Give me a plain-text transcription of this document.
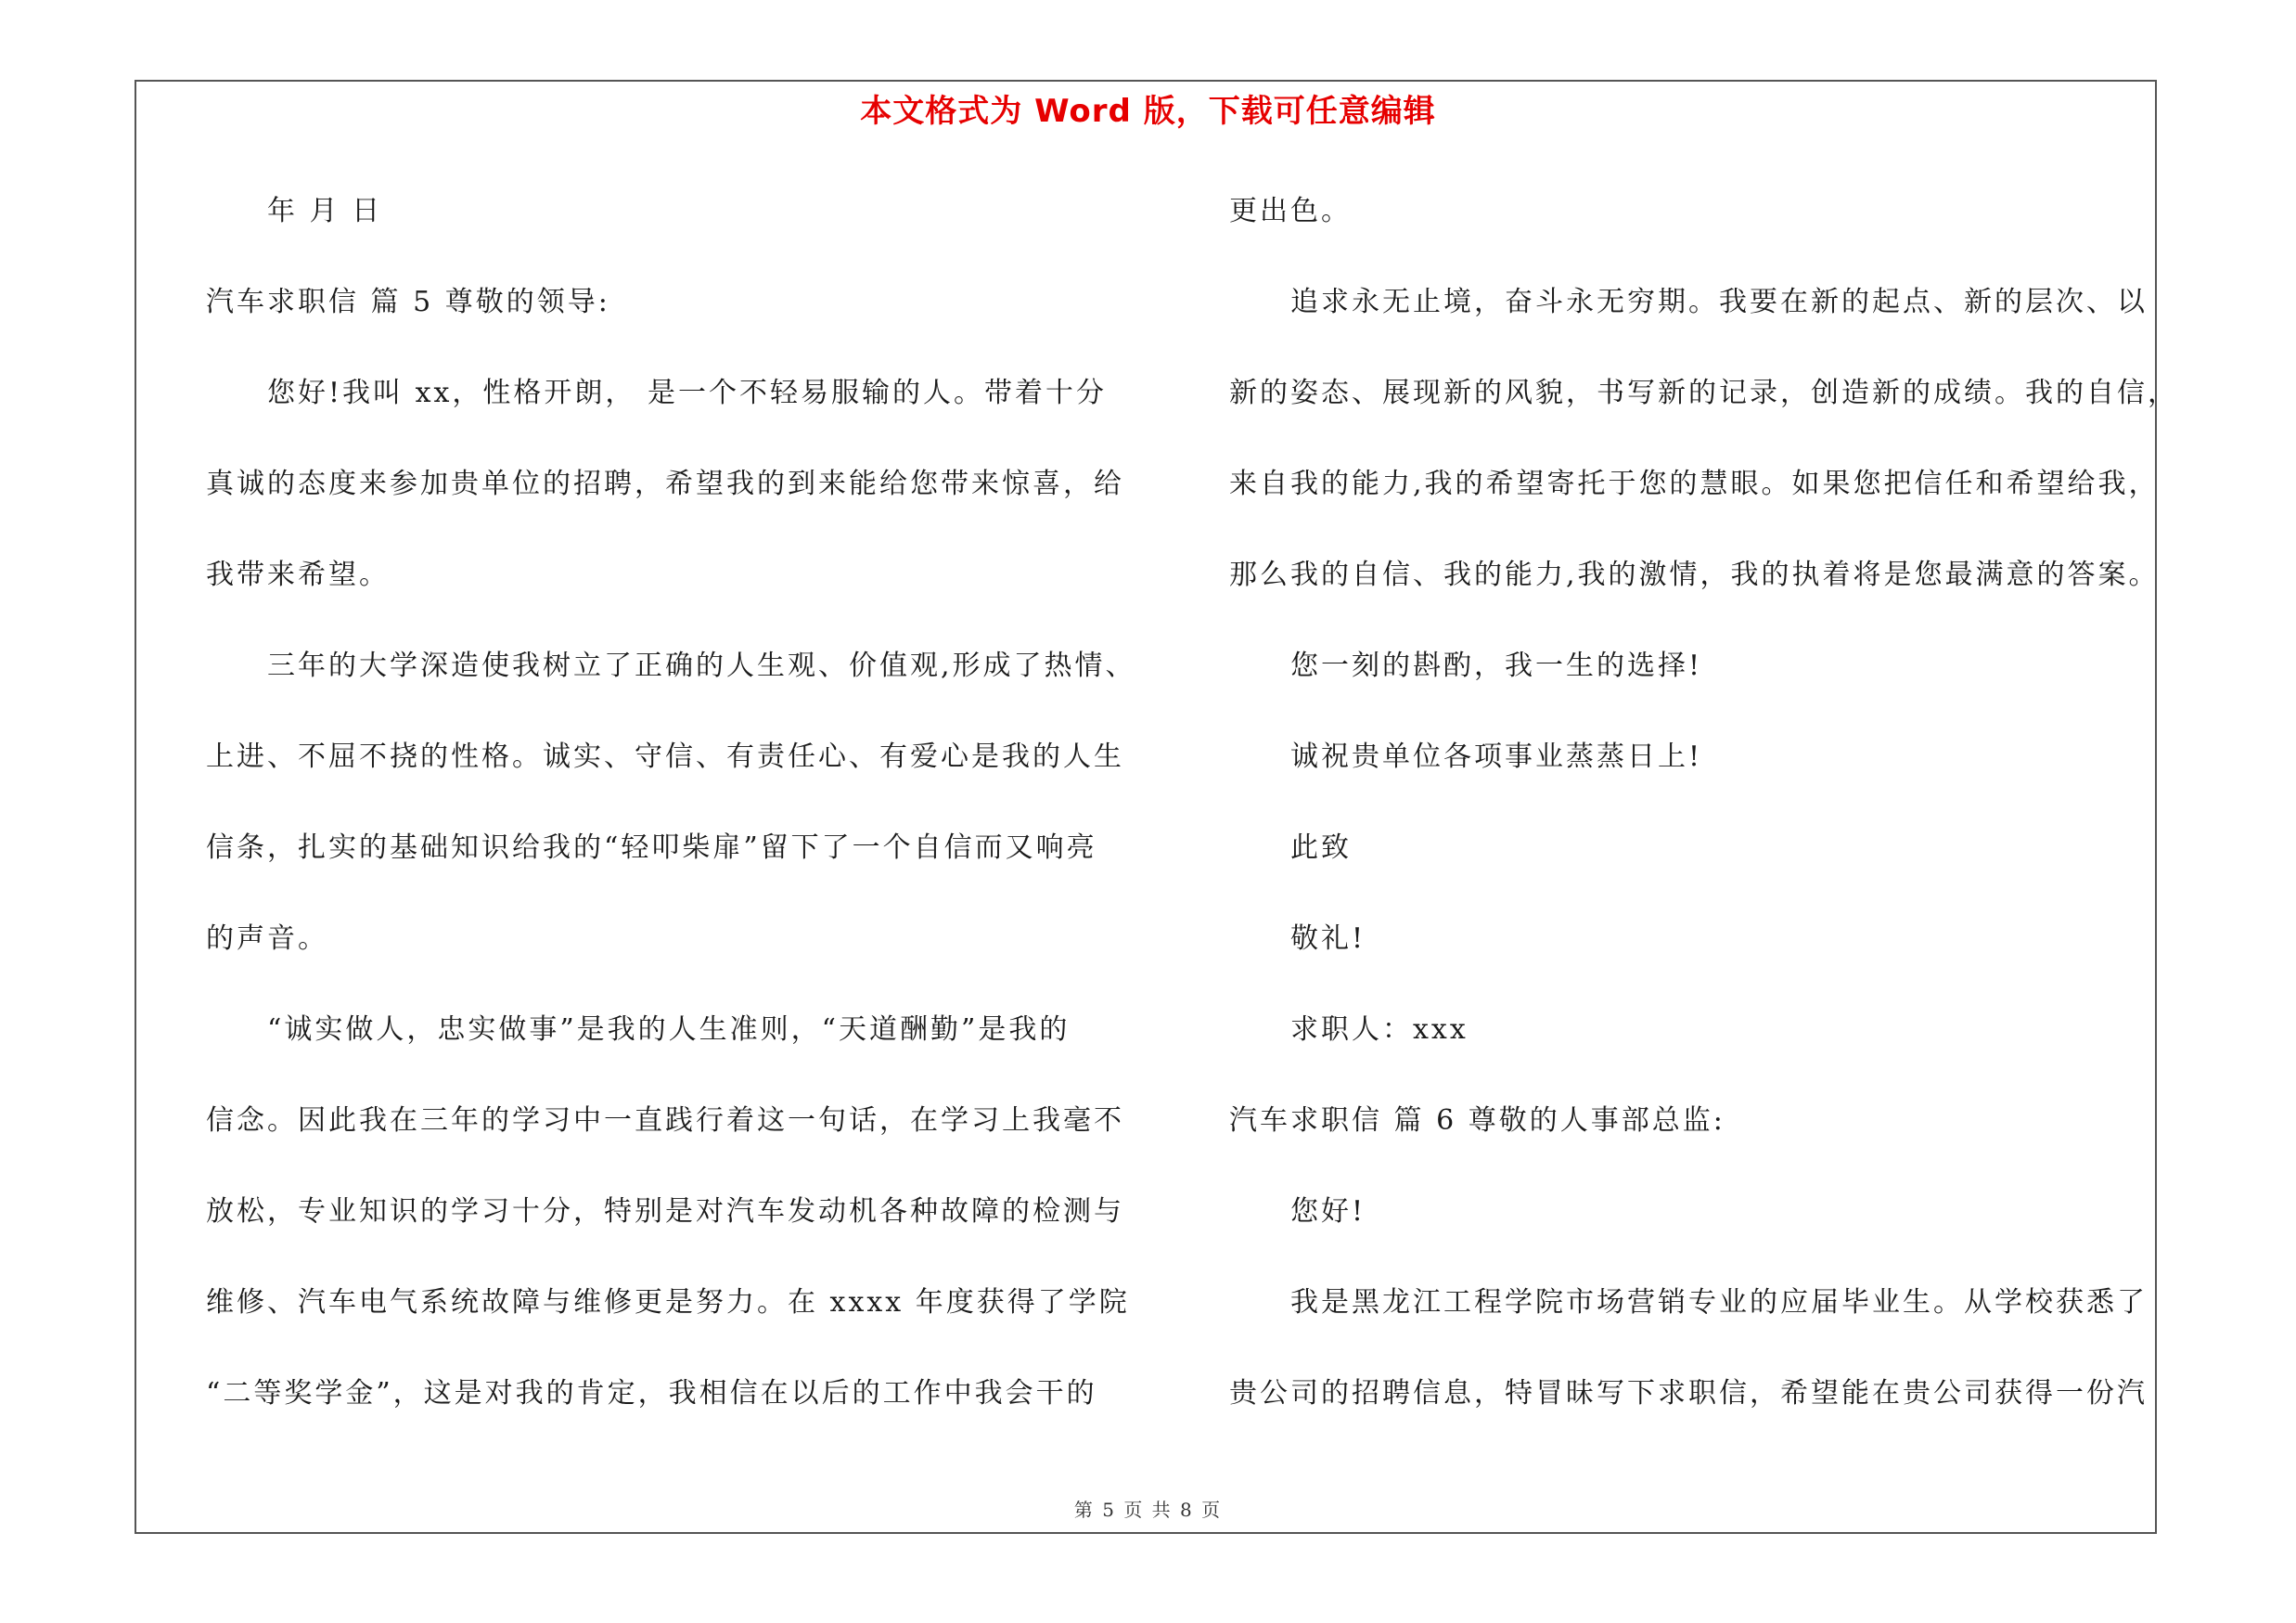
本文格式为 Word 版，下载可任意编辑
年 月 日
汽车求职信 篇 5 尊敬的领导:
您好!我叫 xx，性格开朗， 是一个不轻易服输的人。带着十分
真诚的态度来参加贵单位的招聘，希望我的到来能给您带来惊喜，给
我带来希望。
三年的大学深造使我树立了正确的人生观、价值观,形成了热情、
上进、不屈不挠的性格。诚实、守信、有责任心、有爱心是我的人生
信条，扎实的基础知识给我的“轻叩柴扉”留下了一个自信而又响亮
的声音。
“诚实做人，忠实做事”是我的人生准则，“天道酬勤”是我的
信念。因此我在三年的学习中一直践行着这一句话，在学习上我毫不
放松，专业知识的学习十分，特别是对汽车发动机各种故障的检测与
维修、汽车电气系统故障与维修更是努力。在 xxxx 年度获得了学院
“二等奖学金”，这是对我的肯定，我相信在以后的工作中我会干的
更出色。
追求永无止境，奋斗永无穷期。我要在新的起点、新的层次、以
新的姿态、展现新的风貌，书写新的记录，创造新的成绩。我的自信，
来自我的能力,我的希望寄托于您的慧眼。如果您把信任和希望给我，
那么我的自信、我的能力,我的激情，我的执着将是您最满意的答案。
您一刻的斟酌，我一生的选择!
诚祝贵单位各项事业蒸蒸日上!
此致
敬礼!
求职人：xxx
汽车求职信 篇 6 尊敬的人事部总监:
您好!
我是黑龙江工程学院市场营销专业的应届毕业生。从学校获悉了
贵公司的招聘信息，特冒昧写下求职信，希望能在贵公司获得一份汽
第 5 页 共 8 页
